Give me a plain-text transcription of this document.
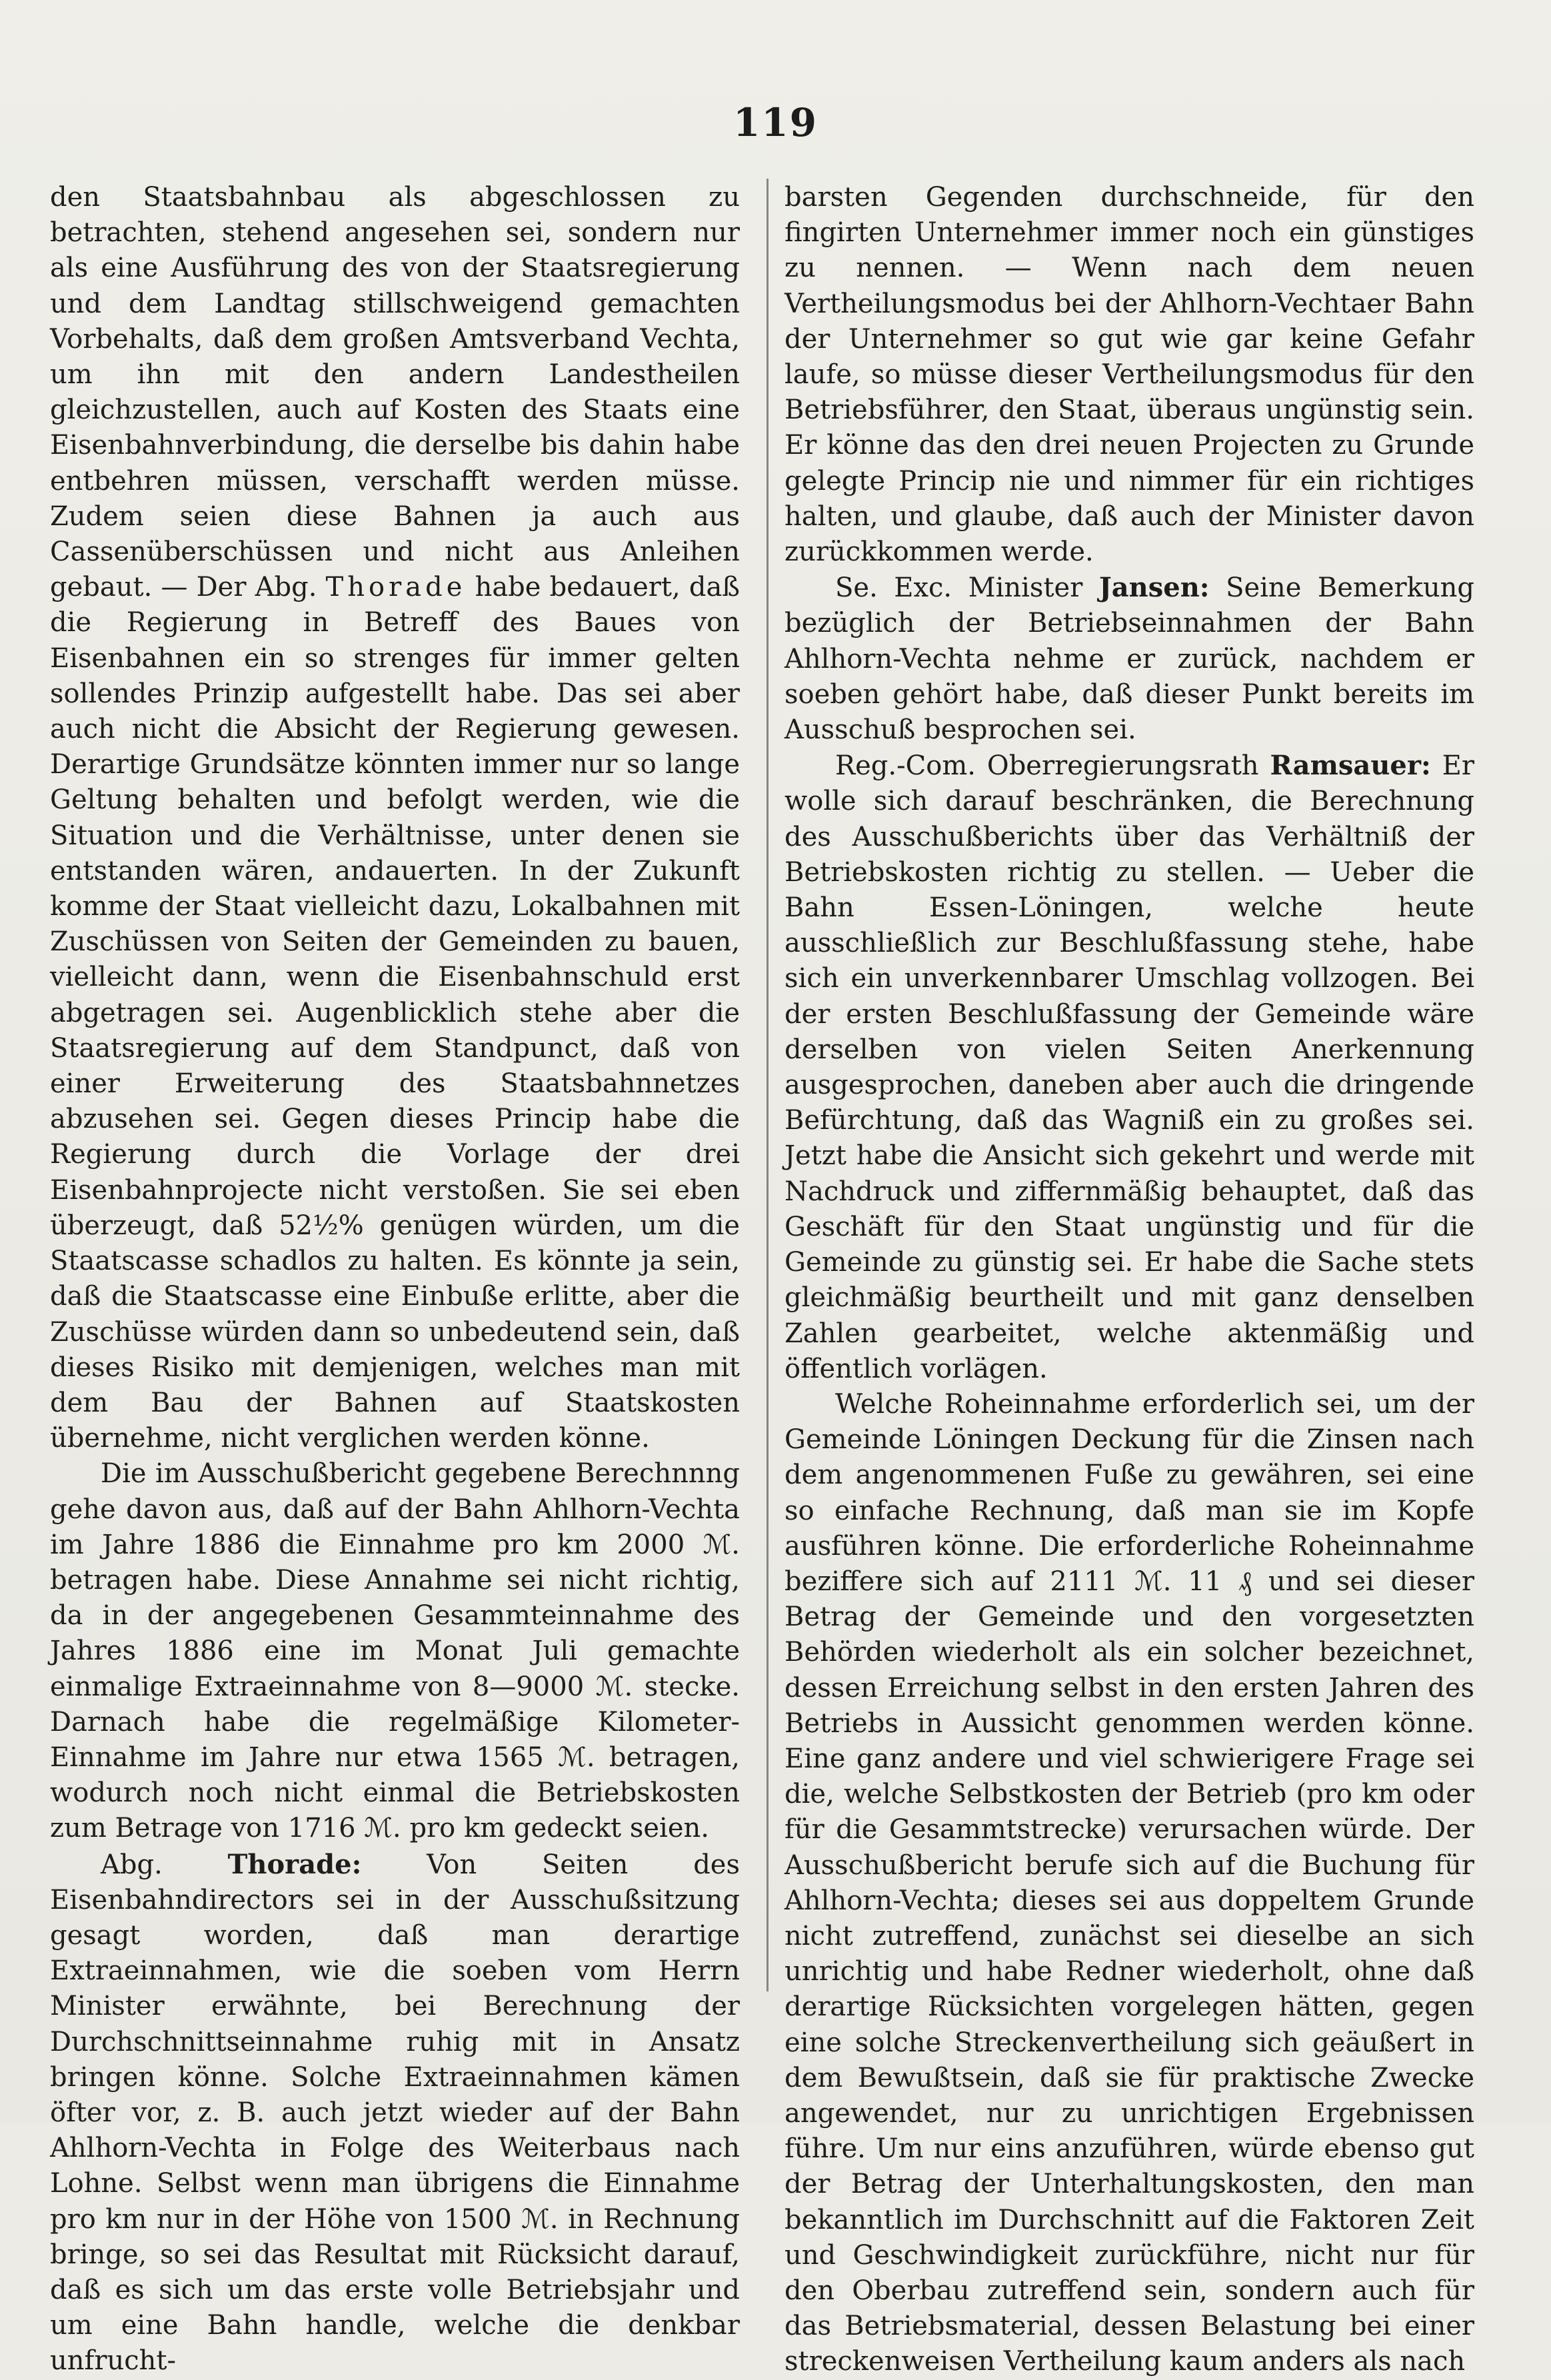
119

den Staatsbahnbau als abgeschlossen zu betrachten, stehend angesehen sei, sondern nur als eine Ausführung des von der Staatsregierung und dem Landtag stillschweigend gemachten Vorbehalts, daß dem großen Amtsverband Vechta, um ihn mit den andern Landestheilen gleichzustellen, auch auf Kosten des Staats eine Eisenbahnverbindung, die derselbe bis dahin habe entbehren müssen, verschafft werden müsse. Zudem seien diese Bahnen ja auch aus Cassenüberschüssen und nicht aus Anleihen gebaut. — Der Abg. Thorade habe bedauert, daß die Regierung in Betreff des Baues von Eisenbahnen ein so strenges für immer gelten sollendes Prinzip aufgestellt habe. Das sei aber auch nicht die Absicht der Regierung gewesen. Derartige Grundsätze könnten immer nur so lange Geltung behalten und befolgt werden, wie die Situation und die Verhältnisse, unter denen sie entstanden wären, andauerten. In der Zukunft komme der Staat vielleicht dazu, Lokalbahnen mit Zuschüssen von Seiten der Gemeinden zu bauen, vielleicht dann, wenn die Eisenbahnschuld erst abgetragen sei. Augenblicklich stehe aber die Staatsregierung auf dem Standpunct, daß von einer Erweiterung des Staatsbahnnetzes abzusehen sei. Gegen dieses Princip habe die Regierung durch die Vorlage der drei Eisenbahnprojecte nicht verstoßen. Sie sei eben überzeugt, daß 52½% genügen würden, um die Staatscasse schadlos zu halten. Es könnte ja sein, daß die Staatscasse eine Einbuße erlitte, aber die Zuschüsse würden dann so unbedeutend sein, daß dieses Risiko mit demjenigen, welches man mit dem Bau der Bahnen auf Staatskosten übernehme, nicht verglichen werden könne.

Die im Ausschußbericht gegebene Berechnnng gehe davon aus, daß auf der Bahn Ahlhorn-Vechta im Jahre 1886 die Einnahme pro km 2000 ℳ. betragen habe. Diese Annahme sei nicht richtig, da in der angegebenen Gesammteinnahme des Jahres 1886 eine im Monat Juli gemachte einmalige Extraeinnahme von 8—9000 ℳ. stecke. Darnach habe die regelmäßige Kilometer-Einnahme im Jahre nur etwa 1565 ℳ. betragen, wodurch noch nicht einmal die Betriebskosten zum Betrage von 1716 ℳ. pro km gedeckt seien.

Abg. Thorade: Von Seiten des Eisenbahndirectors sei in der Ausschußsitzung gesagt worden, daß man derartige Extraeinnahmen, wie die soeben vom Herrn Minister erwähnte, bei Berechnung der Durchschnittseinnahme ruhig mit in Ansatz bringen könne. Solche Extraeinnahmen kämen öfter vor, z. B. auch jetzt wieder auf der Bahn Ahlhorn-Vechta in Folge des Weiterbaus nach Lohne. Selbst wenn man übrigens die Einnahme pro km nur in der Höhe von 1500 ℳ. in Rechnung bringe, so sei das Resultat mit Rücksicht darauf, daß es sich um das erste volle Betriebsjahr und um eine Bahn handle, welche die denkbar unfrucht-

barsten Gegenden durchschneide, für den fingirten Unternehmer immer noch ein günstiges zu nennen. — Wenn nach dem neuen Vertheilungsmodus bei der Ahlhorn-Vechtaer Bahn der Unternehmer so gut wie gar keine Gefahr laufe, so müsse dieser Vertheilungsmodus für den Betriebsführer, den Staat, überaus ungünstig sein. Er könne das den drei neuen Projecten zu Grunde gelegte Princip nie und nimmer für ein richtiges halten, und glaube, daß auch der Minister davon zurückkommen werde.

Se. Exc. Minister Jansen: Seine Bemerkung bezüglich der Betriebseinnahmen der Bahn Ahlhorn-Vechta nehme er zurück, nachdem er soeben gehört habe, daß dieser Punkt bereits im Ausschuß besprochen sei.

Reg.-Com. Oberregierungsrath Ramsauer: Er wolle sich darauf beschränken, die Berechnung des Ausschußberichts über das Verhältniß der Betriebskosten richtig zu stellen. — Ueber die Bahn Essen-Löningen, welche heute ausschließlich zur Beschlußfassung stehe, habe sich ein unverkennbarer Umschlag vollzogen. Bei der ersten Beschlußfassung der Gemeinde wäre derselben von vielen Seiten Anerkennung ausgesprochen, daneben aber auch die dringende Befürchtung, daß das Wagniß ein zu großes sei. Jetzt habe die Ansicht sich gekehrt und werde mit Nachdruck und ziffernmäßig behauptet, daß das Geschäft für den Staat ungünstig und für die Gemeinde zu günstig sei. Er habe die Sache stets gleichmäßig beurtheilt und mit ganz denselben Zahlen gearbeitet, welche aktenmäßig und öffentlich vorlägen.

Welche Roheinnahme erforderlich sei, um der Gemeinde Löningen Deckung für die Zinsen nach dem angenommenen Fuße zu gewähren, sei eine so einfache Rechnung, daß man sie im Kopfe ausführen könne. Die erforderliche Roheinnahme beziffere sich auf 2111 ℳ. 11 ₰ und sei dieser Betrag der Gemeinde und den vorgesetzten Behörden wiederholt als ein solcher bezeichnet, dessen Erreichung selbst in den ersten Jahren des Betriebs in Aussicht genommen werden könne. Eine ganz andere und viel schwierigere Frage sei die, welche Selbstkosten der Betrieb (pro km oder für die Gesammtstrecke) verursachen würde. Der Ausschußbericht berufe sich auf die Buchung für Ahlhorn-Vechta; dieses sei aus doppeltem Grunde nicht zutreffend, zunächst sei dieselbe an sich unrichtig und habe Redner wiederholt, ohne daß derartige Rücksichten vorgelegen hätten, gegen eine solche Streckenvertheilung sich geäußert in dem Bewußtsein, daß sie für praktische Zwecke angewendet, nur zu unrichtigen Ergebnissen führe. Um nur eins anzuführen, würde ebenso gut der Betrag der Unterhaltungskosten, den man bekanntlich im Durchschnitt auf die Faktoren Zeit und Geschwindigkeit zurückführe, nicht nur für den Oberbau zutreffend sein, sondern auch für das Betriebsmaterial, dessen Belastung bei einer streckenweisen Vertheilung kaum anders als nach
